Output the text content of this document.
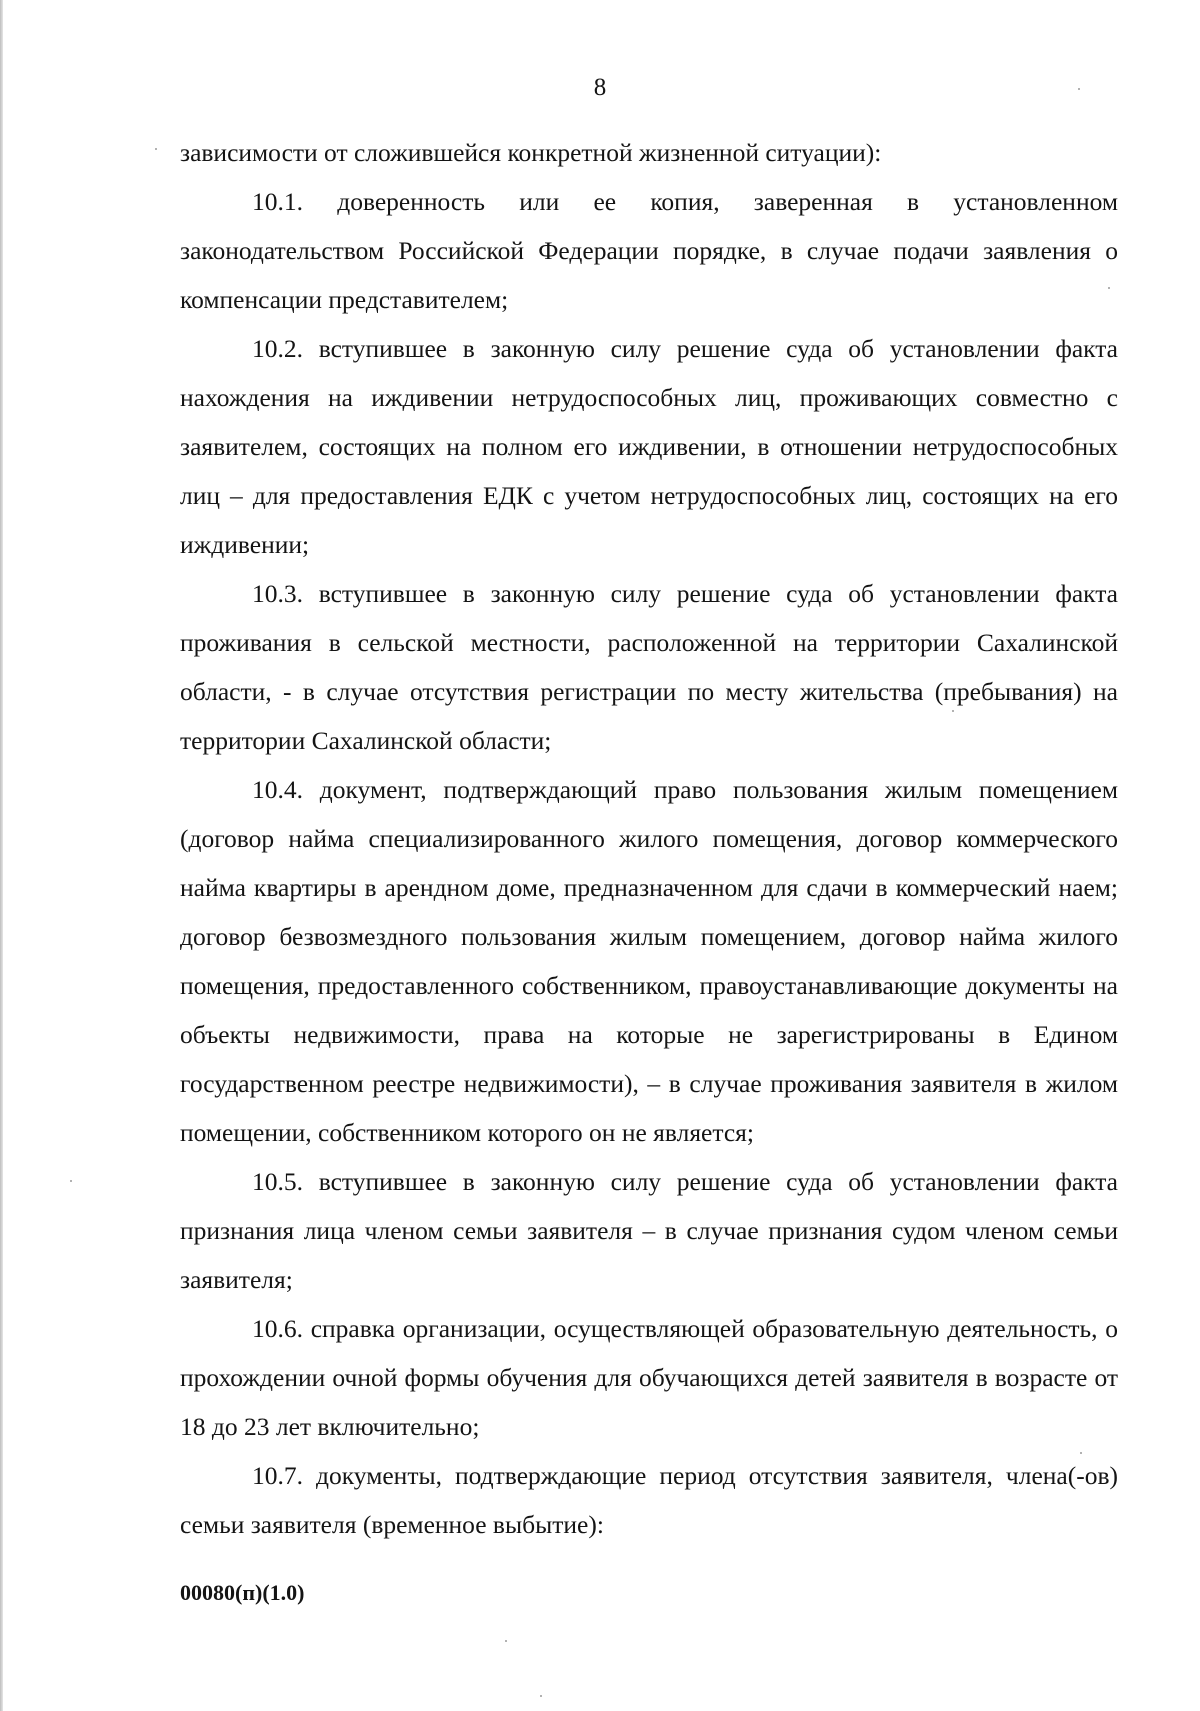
8

зависимости от сложившейся конкретной жизненной ситуации):

10.1. доверенность или ее копия, заверенная в установленном законодательством Российской Федерации порядке, в случае подачи заявления о компенсации представителем;

10.2. вступившее в законную силу решение суда об установлении факта нахождения на иждивении нетрудоспособных лиц, проживающих совместно с заявителем, состоящих на полном его иждивении, в отношении нетрудоспособных лиц – для предоставления ЕДК с учетом нетрудоспособных лиц, состоящих на его иждивении;

10.3. вступившее в законную силу решение суда об установлении факта проживания в сельской местности, расположенной на территории Сахалинской области, - в случае отсутствия регистрации по месту жительства (пребывания) на территории Сахалинской области;

10.4. документ, подтверждающий право пользования жилым помещением (договор найма специализированного жилого помещения, договор коммерческого найма квартиры в арендном доме, предназначенном для сдачи в коммерческий наем; договор безвозмездного пользования жилым помещением, договор найма жилого помещения, предоставленного собственником, правоустанавливающие документы на объекты недвижимости, права на которые не зарегистрированы в Едином государственном реестре недвижимости), – в случае проживания заявителя в жилом помещении, собственником которого он не является;

10.5. вступившее в законную силу решение суда об установлении факта признания лица членом семьи заявителя – в случае признания судом членом семьи заявителя;

10.6. справка организации, осуществляющей образовательную деятельность, о прохождении очной формы обучения для обучающихся детей заявителя в возрасте от 18 до 23 лет включительно;

10.7. документы, подтверждающие период отсутствия заявителя, члена(-ов) семьи заявителя (временное выбытие):

00080(п)(1.0)
